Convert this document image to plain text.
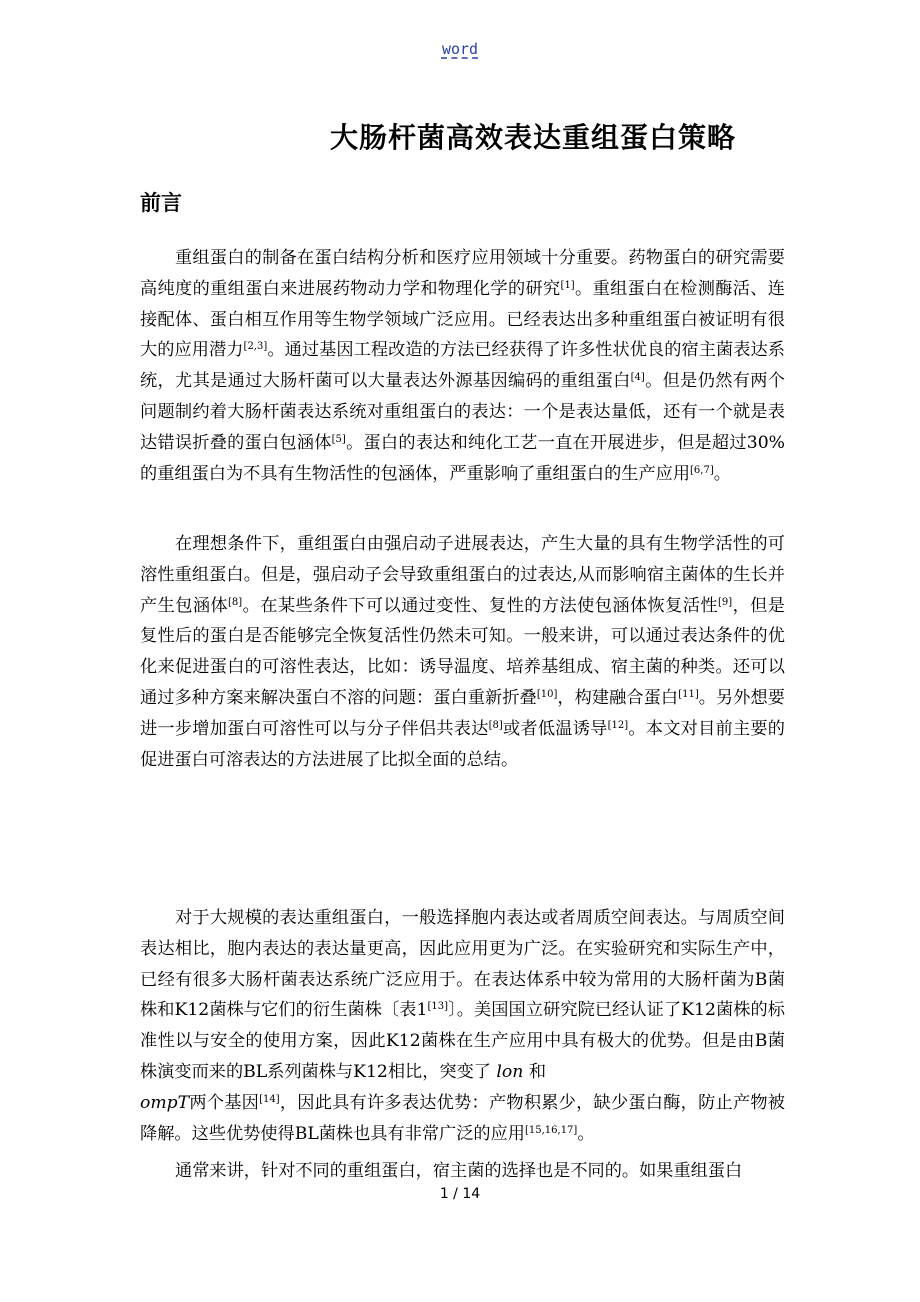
word
大肠杆菌高效表达重组蛋白策略
前言

重组蛋白的制备在蛋白结构分析和医疗应用领域十分重要。药物蛋白的研究需要高纯度的重组蛋白来进展药物动力学和物理化学的研究[1]。重组蛋白在检测酶活、连接配体、蛋白相互作用等生物学领域广泛应用。已经表达出多种重组蛋白被证明有很大的应用潜力[2,3]。通过基因工程改造的方法已经获得了许多性状优良的宿主菌表达系统，尤其是通过大肠杆菌可以大量表达外源基因编码的重组蛋白[4]。但是仍然有两个问题制约着大肠杆菌表达系统对重组蛋白的表达：一个是表达量低，还有一个就是表达错误折叠的蛋白包涵体[5]。蛋白的表达和纯化工艺一直在开展进步，但是超过30%的重组蛋白为不具有生物活性的包涵体，严重影响了重组蛋白的生产应用[6,7]。

在理想条件下，重组蛋白由强启动子进展表达，产生大量的具有生物学活性的可溶性重组蛋白。但是，强启动子会导致重组蛋白的过表达,从而影响宿主菌体的生长并产生包涵体[8]。在某些条件下可以通过变性、复性的方法使包涵体恢复活性[9]，但是复性后的蛋白是否能够完全恢复活性仍然未可知。一般来讲，可以通过表达条件的优化来促进蛋白的可溶性表达，比如：诱导温度、培养基组成、宿主菌的种类。还可以通过多种方案来解决蛋白不溶的问题：蛋白重新折叠[10]，构建融合蛋白[11]。另外想要进一步增加蛋白可溶性可以与分子伴侣共表达[8]或者低温诱导[12]。本文对目前主要的促进蛋白可溶表达的方法进展了比拟全面的总结。

对于大规模的表达重组蛋白，一般选择胞内表达或者周质空间表达。与周质空间表达相比，胞内表达的表达量更高，因此应用更为广泛。在实验研究和实际生产中，已经有很多大肠杆菌表达系统广泛应用于。在表达体系中较为常用的大肠杆菌为B菌株和K12菌株与它们的衍生菌株〔表1[13]〕。美国国立研究院已经认证了K12菌株的标准性以与安全的使用方案，因此K12菌株在生产应用中具有极大的优势。但是由B菌株演变而来的BL系列菌株与K12相比，突变了 lon 和
ompT两个基因[14]，因此具有许多表达优势：产物积累少，缺少蛋白酶，防止产物被降解。这些优势使得BL菌株也具有非常广泛的应用[15,16,17]。

通常来讲，针对不同的重组蛋白，宿主菌的选择也是不同的。如果重组蛋白

1 / 14
